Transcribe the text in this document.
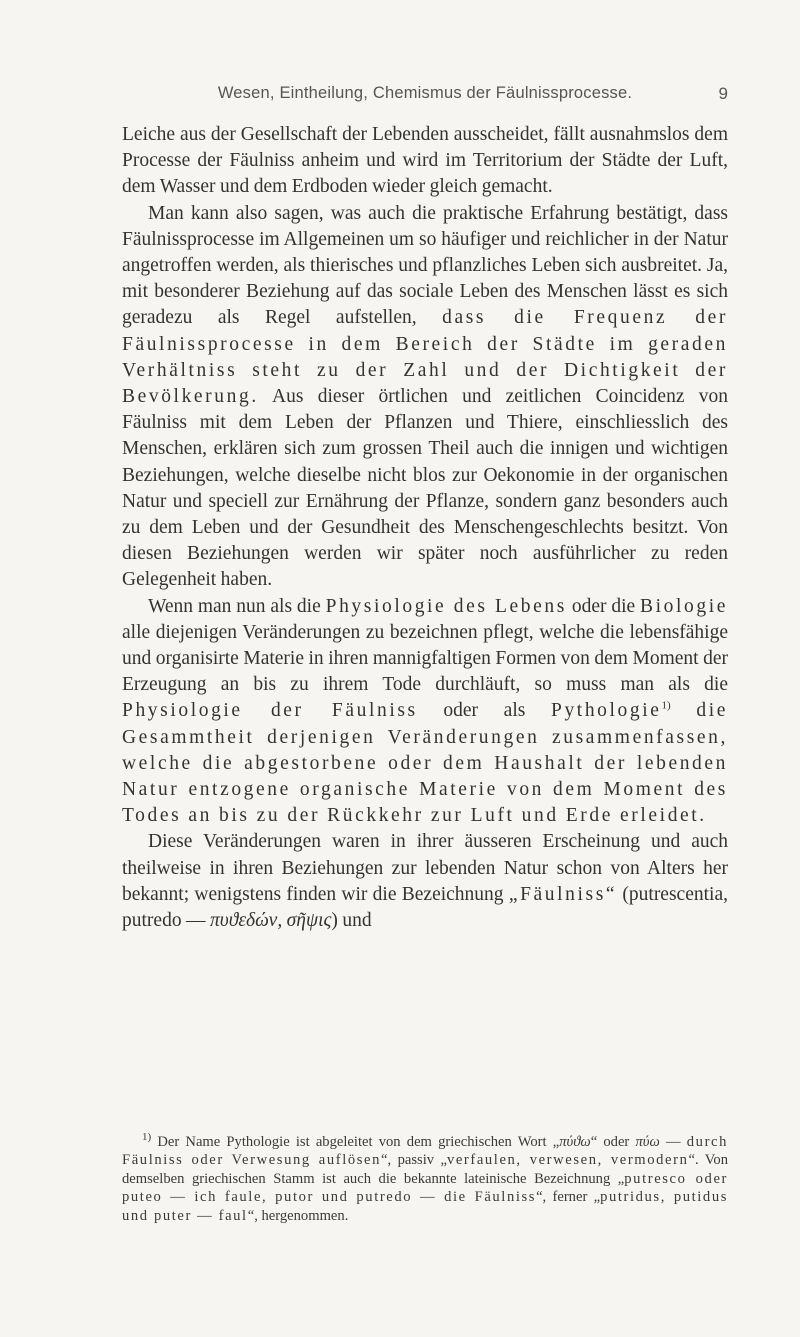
Wesen, Eintheilung, Chemismus der Fäulnissprocesse.	9

Leiche aus der Gesellschaft der Lebenden ausscheidet, fällt ausnahmslos dem Processe der Fäulniss anheim und wird im Territorium der Städte der Luft, dem Wasser und dem Erdboden wieder gleich gemacht.

Man kann also sagen, was auch die praktische Erfahrung bestätigt, dass Fäulnissprocesse im Allgemeinen um so häufiger und reichlicher in der Natur angetroffen werden, als thierisches und pflanzliches Leben sich ausbreitet. Ja, mit besonderer Beziehung auf das sociale Leben des Menschen lässt es sich geradezu als Regel aufstellen, dass die Frequenz der Fäulnissprocesse in dem Bereich der Städte im geraden Verhältniss steht zu der Zahl und der Dichtigkeit der Bevölkerung. Aus dieser örtlichen und zeitlichen Coincidenz von Fäulniss mit dem Leben der Pflanzen und Thiere, einschliesslich des Menschen, erklären sich zum grossen Theil auch die innigen und wichtigen Beziehungen, welche dieselbe nicht blos zur Oekonomie in der organischen Natur und speciell zur Ernährung der Pflanze, sondern ganz besonders auch zu dem Leben und der Gesundheit des Menschengeschlechts besitzt. Von diesen Beziehungen werden wir später noch ausführlicher zu reden Gelegenheit haben.

Wenn man nun als die Physiologie des Lebens oder die Biologie alle diejenigen Veränderungen zu bezeichnen pflegt, welche die lebensfähige und organisirte Materie in ihren mannigfaltigen Formen von dem Moment der Erzeugung an bis zu ihrem Tode durchläuft, so muss man als die Physiologie der Fäulniss oder als Pythologie$^{1)}$ die Gesammtheit derjenigen Veränderungen zusammenfassen, welche die abgestorbene oder dem Haushalt der lebenden Natur entzogene organische Materie von dem Moment des Todes an bis zu der Rückkehr zur Luft und Erde erleidet.

Diese Veränderungen waren in ihrer äusseren Erscheinung und auch theilweise in ihren Beziehungen zur lebenden Natur schon von Alters her bekannt; wenigstens finden wir die Bezeichnung „Fäulniss“ (putrescentia, putredo — πυϑεδών, σῆψις) und

$^{1)}$ Der Name Pythologie ist abgeleitet von dem griechischen Wort „πύϑω“ oder πύω — durch Fäulniss oder Verwesung auflösen“, passiv „verfaulen, verwesen, vermodern“. Von demselben griechischen Stamm ist auch die bekannte lateinische Bezeichnung „putresco oder puteo — ich faule, putor und putredo — die Fäulniss“, ferner „putridus, putidus und puter — faul“, hergenommen.
